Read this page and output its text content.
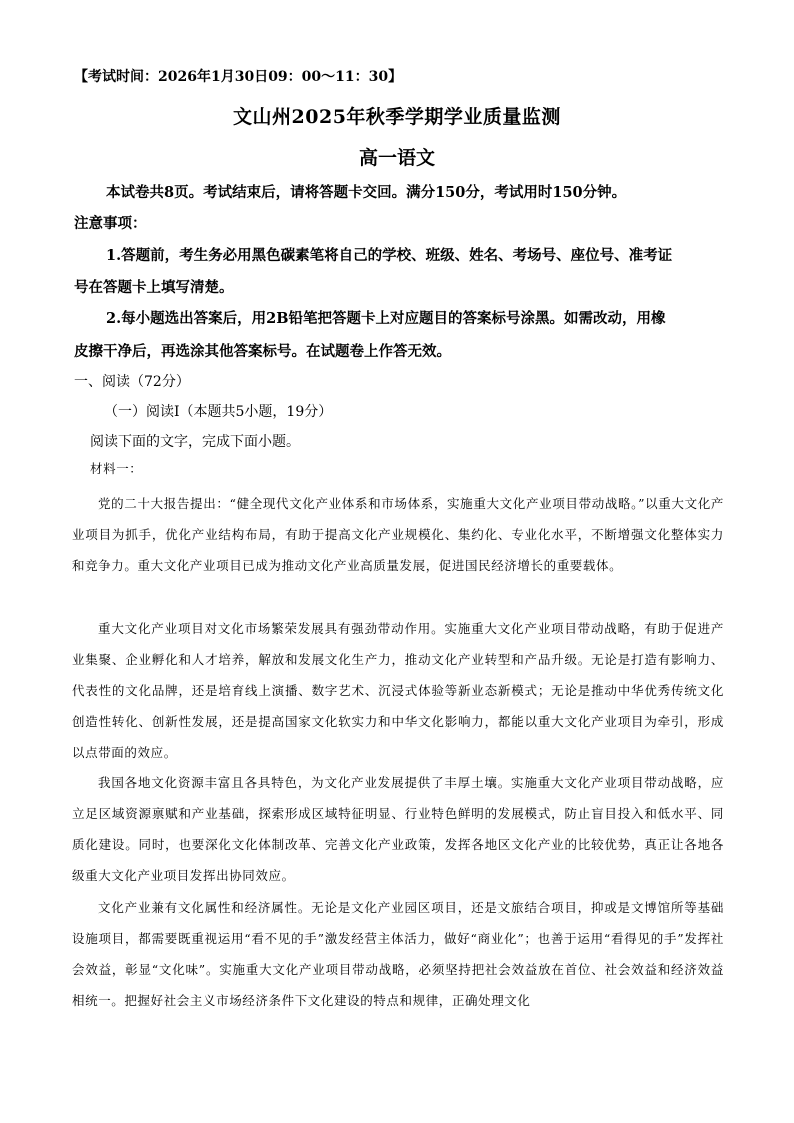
【考试时间：2026年1月30日09：00～11：30】
文山州2025年秋季学期学业质量监测
高一语文
本试卷共8页。考试结束后，请将答题卡交回。满分150分，考试用时150分钟。
注意事项：
1.答题前，考生务必用黑色碳素笔将自己的学校、班级、姓名、考场号、座位号、准考证
号在答题卡上填写清楚。
2.每小题选出答案后，用2B铅笔把答题卡上对应题目的答案标号涂黑。如需改动，用橡
皮擦干净后，再选涂其他答案标号。在试题卷上作答无效。
一、阅读（72分）
（一）阅读Ⅰ（本题共5小题，19分）
阅读下面的文字，完成下面小题。
材料一：

党的二十大报告提出：“健全现代文化产业体系和市场体系，实施重大文化产业项目带动战略。”以重大文化产业项目为抓手，优化产业结构布局，有助于提高文化产业规模化、集约化、专业化水平，不断增强文化整体实力和竞争力。重大文化产业项目已成为推动文化产业高质量发展，促进国民经济增长的重要载体。

重大文化产业项目对文化市场繁荣发展具有强劲带动作用。实施重大文化产业项目带动战略，有助于促进产业集聚、企业孵化和人才培养，解放和发展文化生产力，推动文化产业转型和产品升级。无论是打造有影响力、代表性的文化品牌，还是培育线上演播、数字艺术、沉浸式体验等新业态新模式；无论是推动中华优秀传统文化创造性转化、创新性发展，还是提高国家文化软实力和中华文化影响力，都能以重大文化产业项目为牵引，形成以点带面的效应。

我国各地文化资源丰富且各具特色，为文化产业发展提供了丰厚土壤。实施重大文化产业项目带动战略，应立足区域资源禀赋和产业基础，探索形成区域特征明显、行业特色鲜明的发展模式，防止盲目投入和低水平、同质化建设。同时，也要深化文化体制改革、完善文化产业政策，发挥各地区文化产业的比较优势，真正让各地各级重大文化产业项目发挥出协同效应。

文化产业兼有文化属性和经济属性。无论是文化产业园区项目，还是文旅结合项目，抑或是文博馆所等基础设施项目，都需要既重视运用“看不见的手”激发经营主体活力，做好“商业化”；也善于运用“看得见的手”发挥社会效益，彰显“文化味”。实施重大文化产业项目带动战略，必须坚持把社会效益放在首位、社会效益和经济效益相统一。把握好社会主义市场经济条件下文化建设的特点和规律，正确处理文化
